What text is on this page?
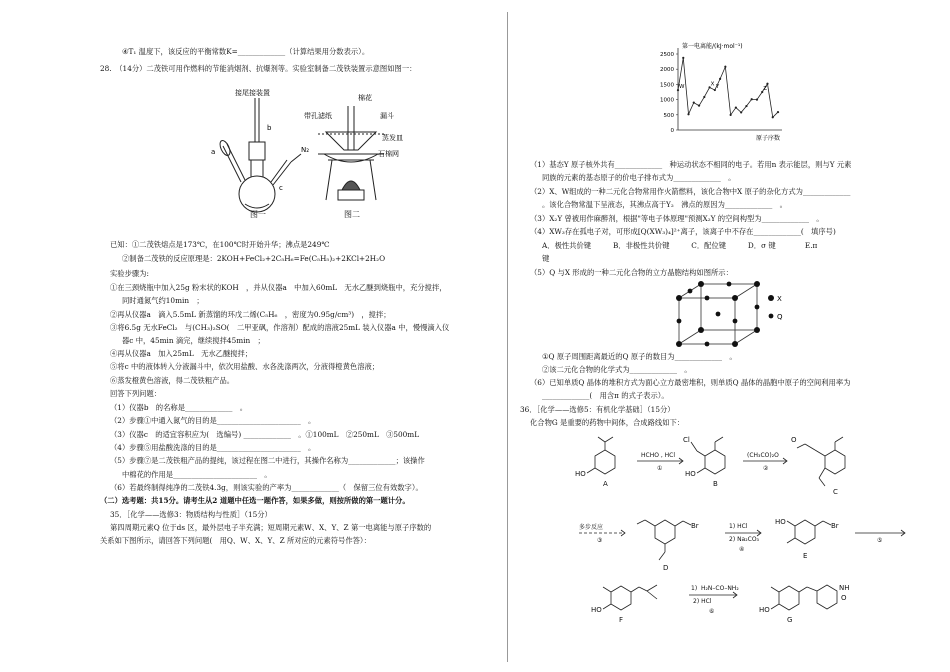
④T₁ 温度下，该反应的平衡常数K=_____________（计算结果用分数表示）。
28.　（14分）二茂铁可用作燃料的节能消烟剂、抗爆剂等。实验室制备二茂铁装置示意图如图一：
接尾接装置
a
b
c
N₂
图一
棉花
带孔滤纸	漏斗
蒸发皿
石棉网
图二
已知：①二茂铁熔点是173℃，在100℃时开始升华；沸点是249℃
②制备二茂铁的反应原理是：2KOH+FeCl₂+2C₅H₆=Fe(C₅H₅)₂+2KCl+2H₂O
实验步骤为:
①在三颈烧瓶中加入25g 粉末状的KOH　，并从仪器a　中加入60mL　无水乙醚到烧瓶中，充分搅拌，
同时通氮气约10min　；
②再从仪器a　滴入5.5mL 新蒸馏的环戊二烯(C₅H₆　，密度为0.95g/cm³)　，搅拌；
③将6.5g 无水FeCl₂　与(CH₃)₂SO(　二甲亚砜，作溶剂）配成的溶液25mL 装入仪器a 中，慢慢滴入仪
器c 中，45min 滴完，继续搅拌45min　；
④再从仪器a　加入25mL　无水乙醚搅拌；
⑤将c 中的液体转入分液漏斗中，依次用盐酸、水各洗涤两次，分液得橙黄色溶液；
⑥蒸发橙黄色溶液，得二茂铁粗产品。
回答下列问题：
（1）仪器b　的名称是_____________　。
（2）步骤①中通入氮气的目的是_______________________　。
（3）仪器c　的适宜容积应为(　选编号) _____________　。①100mL　②250mL　③500mL
（4）步骤⑤用盐酸洗涤的目的是_______________________　。
（5）步骤⑦是二茂铁粗产品的提纯，该过程在图二中进行，其操作名称为_____________；该操作
中棉花的作用是_______________________　。
（6）若最终制得纯净的二茂铁4.3g，则该实验的产率为_____________（　保留三位有效数字）。
（二）选考题：共15分。请考生从2 道题中任选一题作答，如果多做，则按所做的第一题计分。
35．［化学——选修3：物质结构与性质］（15分）
第四周期元素Q 位于ds 区，最外层电子半充满；短周期元素W、X、Y、Z 第一电离能与原子序数的
关系如下图所示，请回答下列问题(　用Q、W、X、Y、Z 所对应的元素符号作答）：
第一电离能/(kJ·mol⁻¹)
原子序数
0
500
1000
1500
2000
2500
W	X Y	Z
（1）基态Y 原子核外共有_____________　种运动状态不相同的电子。若用n 表示能层，则与Y 元素
同族的元素的基态原子的价电子排布式为_____________　。
（2）X、W组成的一种二元化合物常用作火箭燃料，该化合物中X 原子的杂化方式为_____________
。该化合物常温下呈液态，其沸点高于Y₂　沸点的原因为_____________　。
（3）X₂Y 曾被用作麻醉剂，根据"等电子体原理"预测X₂Y 的空间构型为_____________　。
（4）XW₃存在孤电子对，可形成[Q(XW₃)₄]²⁺离子，该离子中不存在_____________(　填序号)
A．极性共价键　　　B．非极性共价键　　　C．配位键　　　D．σ 键　　　　E.π
键
（5）Q 与X 形成的一种二元化合物的立方晶胞结构如图所示：
X
Q
①Q 原子周围距离最近的Q 原子的数目为_____________　。
②该二元化合物的化学式为_____________　。
（6）已知单质Q 晶体的堆积方式为面心立方最密堆积，则单质Q 晶体的晶胞中原子的空间利用率为
_____________(　用含π 的式子表示）。
36．［化学——选修5：有机化学基础］（15分）
化合物G 是重要的药物中间体，合成路线如下：
A	B
C
D
E
F	G
Cl
HO	HO
O
Br	Br
HO
HO	HO
NH
O
HCHO , HCl
①
(CH₃CO)₂O
②
多步反应
③
1) HCl
2) Na₂CO₃
④
⑤
1) H₂N–CO–NH₂
2) HCl
⑥
